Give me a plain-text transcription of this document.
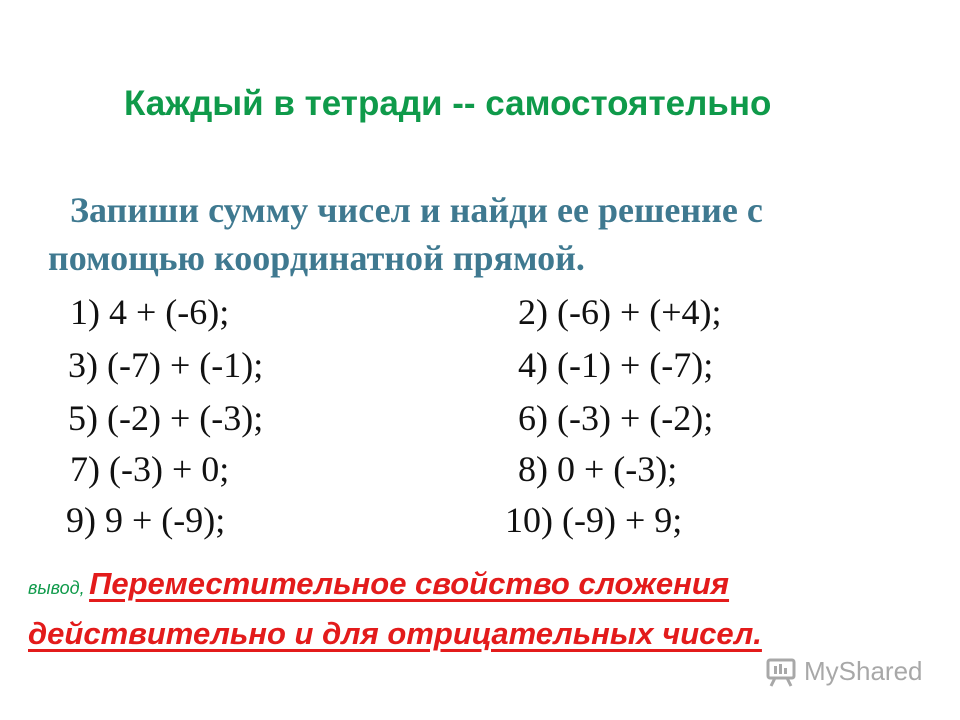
Каждый в тетради -- самостоятельно
Запиши сумму чисел и найди ее решение с
помощью координатной прямой.
1) 4 + (-6);	2) (-6) + (+4);
3) (-7) + (-1);	4) (-1) + (-7);
5) (-2) + (-3);	6) (-3) + (-2);
7) (-3) + 0;	8) 0 + (-3);
9) 9 + (-9);	10) (-9) + 9;
вывод, Переместительное свойство сложения
действительно и для отрицательных чисел.
MyShared
